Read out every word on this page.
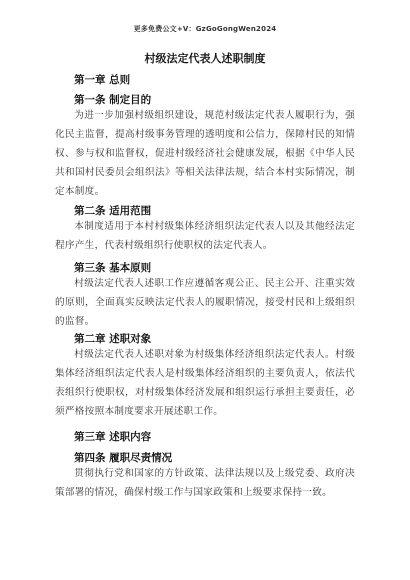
更多免费公文+V：GzGoGongWen2024
村级法定代表人述职制度
第一章 总则
第一条 制定目的

为进一步加强村级组织建设，规范村级法定代表人履职行为，强化民主监督，提高村级事务管理的透明度和公信力，保障村民的知情权、参与权和监督权，促进村级经济社会健康发展，根据《中华人民共和国村民委员会组织法》等相关法律法规，结合本村实际情况，制定本制度。

第二条 适用范围

本制度适用于本村村级集体经济组织法定代表人以及其他经法定程序产生，代表村级组织行使职权的法定代表人。

第三条 基本原则

村级法定代表人述职工作应遵循客观公正、民主公开、注重实效的原则，全面真实反映法定代表人的履职情况，接受村民和上级组织的监督。

第二章 述职对象

村级法定代表人述职对象为村级集体经济组织法定代表人。村级集体经济组织法定代表人是村级集体经济组织的主要负责人，依法代表组织行使职权，对村级集体经济发展和组织运行承担主要责任，必须严格按照本制度要求开展述职工作。

第三章 述职内容
第四条 履职尽责情况

贯彻执行党和国家的方针政策、法律法规以及上级党委、政府决策部署的情况，确保村级工作与国家政策和上级要求保持一致。
